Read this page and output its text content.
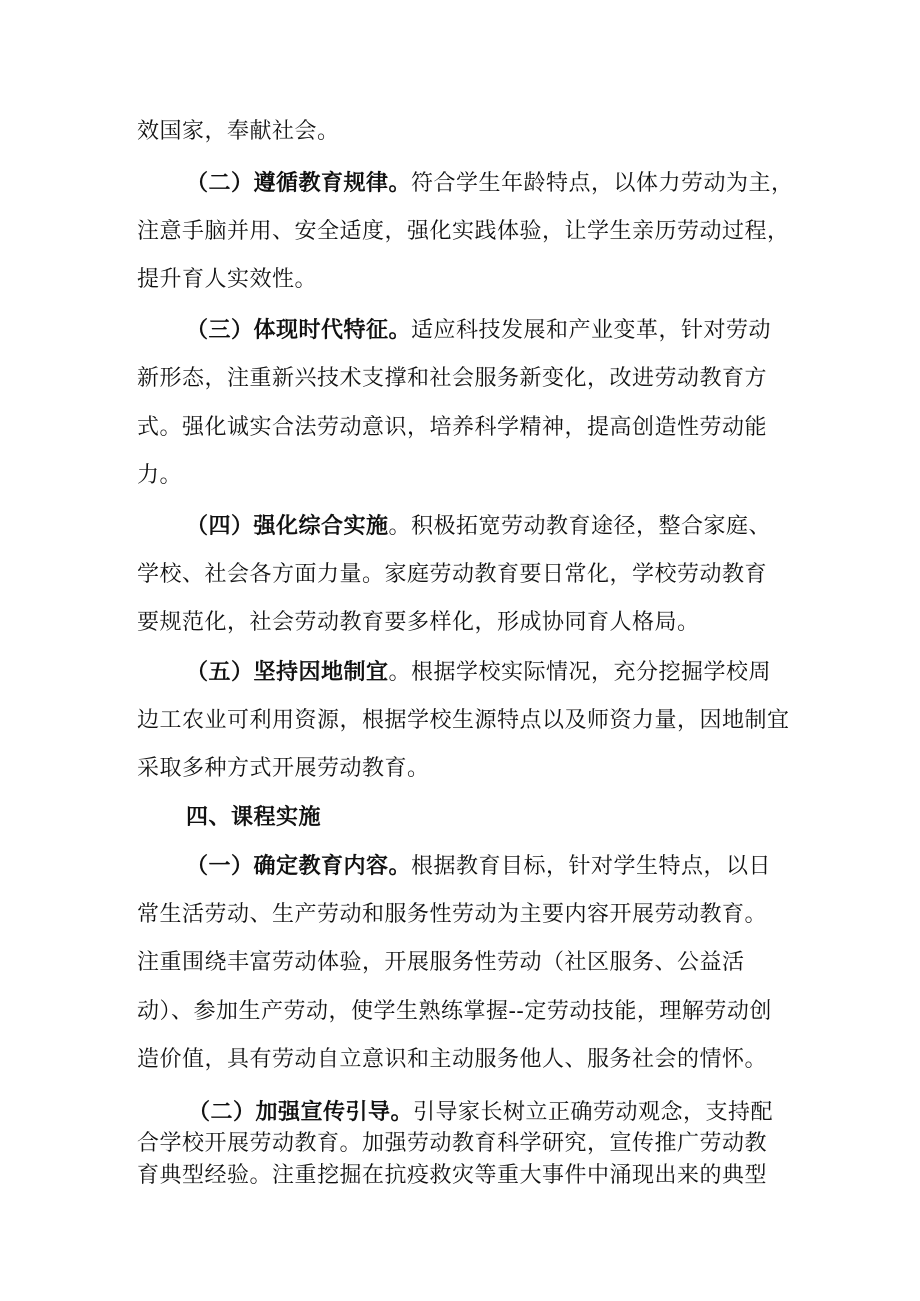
效国家，奉献社会。
（二）遵循教育规律。符合学生年龄特点，以体力劳动为主，
注意手脑并用、安全适度，强化实践体验，让学生亲历劳动过程，
提升育人实效性。
（三）体现时代特征。适应科技发展和产业变革，针对劳动
新形态，注重新兴技术支撑和社会服务新变化，改进劳动教育方
式。强化诚实合法劳动意识，培养科学精神，提高创造性劳动能
力。
（四）强化综合实施。积极拓宽劳动教育途径，整合家庭、
学校、社会各方面力量。家庭劳动教育要日常化，学校劳动教育
要规范化，社会劳动教育要多样化，形成协同育人格局。
（五）坚持因地制宜。根据学校实际情况，充分挖掘学校周
边工农业可利用资源，根据学校生源特点以及师资力量，因地制宜
采取多种方式开展劳动教育。
四、课程实施
（一）确定教育内容。根据教育目标，针对学生特点，以日
常生活劳动、生产劳动和服务性劳动为主要内容开展劳动教育。
注重围绕丰富劳动体验，开展服务性劳动（社区服务、公益活
动）、参加生产劳动，使学生熟练掌握--定劳动技能，理解劳动创
造价值，具有劳动自立意识和主动服务他人、服务社会的情怀。
（二）加强宣传引导。引导家长树立正确劳动观念，支持配
合学校开展劳动教育。加强劳动教育科学研究，宣传推广劳动教
育典型经验。注重挖掘在抗疫救灾等重大事件中涌现出来的典型
